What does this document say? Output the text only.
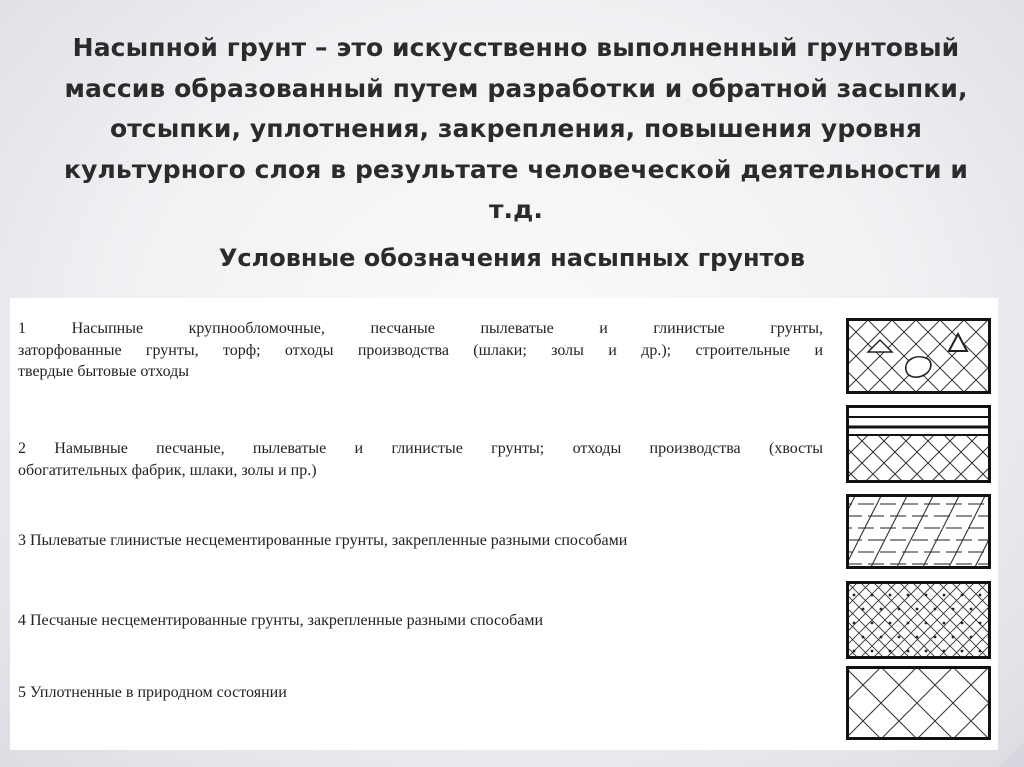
Насыпной грунт – это искусственно выполненный грунтовый
массив образованный путем разработки и обратной засыпки,
отсыпки, уплотнения, закрепления, повышения уровня
культурного слоя в результате человеческой деятельности и
т.д.
Условные обозначения насыпных грунтов
1 Насыпные крупнообломочные, песчаные пылеватые и глинистые грунты,
заторфованные грунты, торф; отходы производства (шлаки; золы и др.); строительные и
твердые бытовые отходы
2 Намывные песчаные, пылеватые и глинистые грунты; отходы производства (хвосты
обогатительных фабрик, шлаки, золы и пр.)
3 Пылеватые глинистые несцементированные грунты, закрепленные разными способами
4 Песчаные несцементированные грунты, закрепленные разными способами
5 Уплотненные в природном состоянии
